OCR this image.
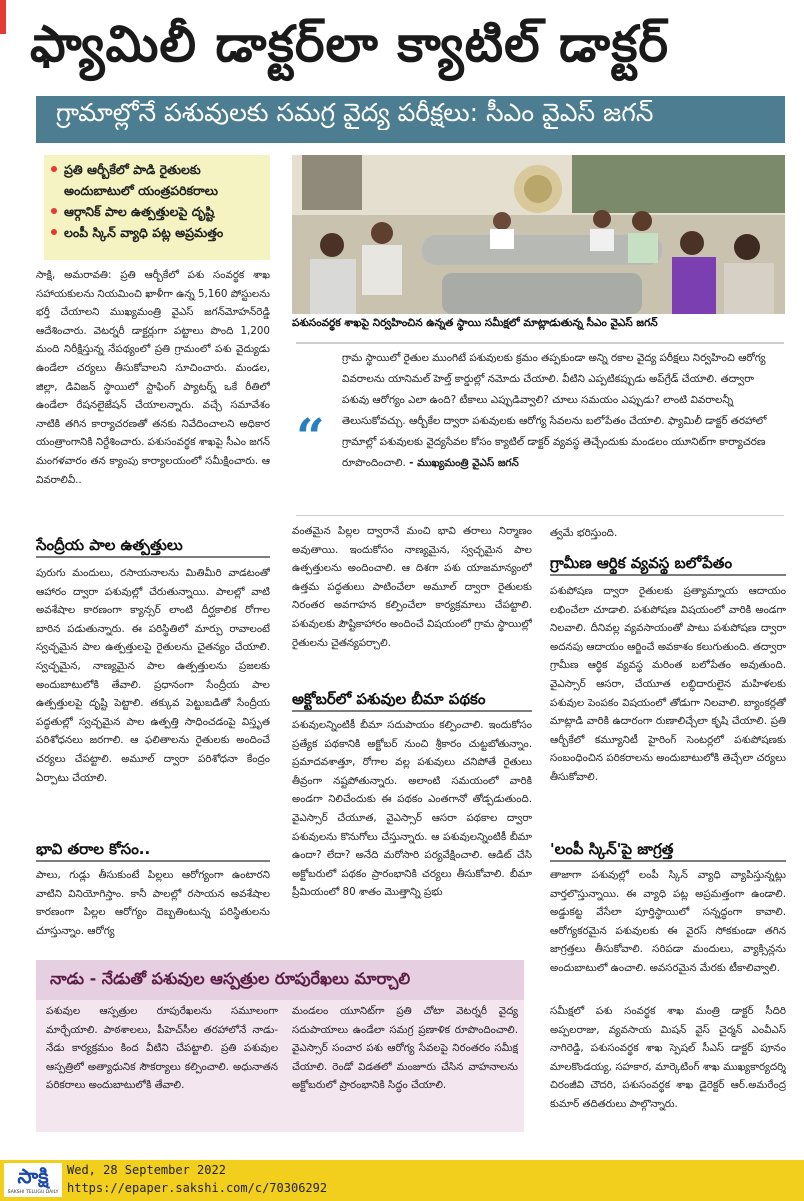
ఫ్యామిలీ డాక్టర్‌లా క్యాటిల్ డాక్టర్
గ్రామాల్లోనే పశువులకు సమగ్ర వైద్య పరీక్షలు: సీఎం వైఎస్ జగన్
ప్రతి ఆర్బీకేలో పాడి రైతులకు అందుబాటులో యంత్రపరికరాలు
ఆర్గానిక్ పాల ఉత్పత్తులపై దృష్టి
లంపీ స్కిన్ వ్యాధి పట్ల అప్రమత్తం
పశుసంవర్థక శాఖపై నిర్వహించిన ఉన్నత స్థాయి సమీక్షలో మాట్లాడుతున్న సీఎం వైఎస్ జగన్
సాక్షి, అమరావతి: ప్రతి ఆర్బీకేలో పశు సంవర్థక శాఖ సహాయకులను నియమించి ఖాళీగా ఉన్న 5,160 పోస్టులను భర్తీ చేయాలని ముఖ్యమంత్రి వైఎస్ జగన్‌మోహన్‌రెడ్డి ఆదేశించారు. వెటర్నరీ డాక్టర్లుగా పట్టాలు పొంది 1,200 మంది నిరీక్షిస్తున్న నేపథ్యంలో ప్రతి గ్రామంలో పశు వైద్యుడు ఉండేలా చర్యలు తీసుకోవాలని సూచించారు. మండల, జిల్లా, డివిజన్ స్థాయిలో స్టాఫింగ్ ప్యాటర్న్ ఒకే రీతిలో ఉండేలా రేషనలైజేషన్ చేయాలన్నారు. వచ్చే సమావేశం నాటికి తగిన కార్యాచరణతో తనకు నివేదించాలని అధికార యంత్రాంగానికి నిర్దేశించారు. పశుసంవర్థక శాఖపై సీఎం జగన్ మంగళవారం తన క్యాంపు కార్యాలయంలో సమీక్షించారు. ఆ వివరాలివీ..
“
గ్రామ స్థాయిలో రైతుల ముంగిటే పశువులకు క్రమం తప్పకుండా అన్ని రకాల వైద్య పరీక్షలు నిర్వహించి ఆరోగ్య వివరాలను యానిమల్ హెల్త్ కార్డుల్లో నమోదు చేయాలి. వీటిని ఎప్పటికప్పుడు అప్‌గ్రేడ్ చేయాలి. తద్వారా పశువు ఆరోగ్యం ఎలా ఉంది? టీకాలు ఎప్పుడివ్వాలి? చూలు సమయం ఎప్పుడు? లాంటి వివరాలన్నీ తెలుసుకోవచ్చు. ఆర్బీకేల ద్వారా పశువులకు ఆరోగ్య సేవలను బలోపేతం చేయాలి. ఫ్యామిలీ డాక్టర్ తరహాలో గ్రామాల్లో పశువులకు వైద్యసేవల కోసం క్యాటిల్ డాక్టర్ వ్యవస్థ తెచ్చేందుకు మండలం యూనిట్‌గా కార్యాచరణ రూపొందించాలి. - ముఖ్యమంత్రి వైఎస్ జగన్
సేంద్రీయ పాల ఉత్పత్తులు
పురుగు మందులు, రసాయనాలను మితిమీరి వాడటంతో ఆహారం ద్వారా పశువుల్లో చేరుతున్నాయి. పాలల్లో వాటి అవశేషాల కారణంగా క్యాన్సర్ లాంటి దీర్ఘకాలిక రోగాల బారిన పడుతున్నారు. ఈ పరిస్థితిలో మార్పు రావాలంటే స్వచ్ఛమైన పాల ఉత్పత్తులపై రైతులను చైతన్యం చేయాలి. స్వచ్ఛమైన, నాణ్యమైన పాల ఉత్పత్తులను ప్రజలకు అందుబాటులోకి తేవాలి. ప్రధానంగా సేంద్రీయ పాల ఉత్పత్తులపై దృష్టి పెట్టాలి. తక్కువ పెట్టుబడితో సేంద్రీయ పద్ధతుల్లో స్వచ్ఛమైన పాల ఉత్పత్తి సాధించడంపై విస్తృత పరిశోధనలు జరగాలి. ఆ ఫలితాలను రైతులకు అందించే చర్యలు చేపట్టాలి. అమూల్ ద్వారా పరిశోధనా కేంద్రం ఏర్పాటు చేయాలి.
భావి తరాల కోసం..
పాలు, గుడ్లు తీసుకుంటే పిల్లలు ఆరోగ్యంగా ఉంటారని వాటిని వినియోగిస్తాం. కానీ పాలల్లో రసాయన అవశేషాల కారణంగా పిల్లల ఆరోగ్యం దెబ్బతింటున్న పరిస్థితులను చూస్తున్నాం. ఆరోగ్య
వంతమైన పిల్లల ద్వారానే మంచి భావి తరాలు నిర్మాణం అవుతాయి. ఇందుకోసం నాణ్యమైన, స్వచ్ఛమైన పాల ఉత్పత్తులను అందించాలి. ఆ దిశగా పశు యాజమాన్యంలో ఉత్తమ పద్ధతులు పాటించేలా అమూల్ ద్వారా రైతులకు నిరంతర అవగాహన కల్పించేలా కార్యక్రమాలు చేపట్టాలి. పశువులకు పౌష్టికాహారం అందించే విషయంలో గ్రామ స్థాయిల్లో రైతులను చైతన్యపర్చాలి.
అక్టోబర్‌లో పశువుల బీమా పథకం
పశువులన్నింటికీ బీమా సదుపాయం కల్పించాలి. ఇందుకోసం ప్రత్యేక పథకానికి అక్టోబర్ నుంచి శ్రీకారం చుట్టబోతున్నాం. ప్రమాదవశాత్తూ, రోగాల వల్ల పశువులు చనిపోతే రైతులు తీవ్రంగా నష్టపోతున్నారు. అలాంటి సమయంలో వారికి అండగా నిలిచేందుకు ఈ పథకం ఎంతగానో తోడ్పడుతుంది. వైఎస్సార్ చేయూత, వైఎస్సార్ ఆసరా పథకాల ద్వారా పశువులను కొనుగోలు చేస్తున్నారు. ఆ పశువులన్నింటికీ బీమా ఉందా? లేదా? అనేది మరోసారి పర్యవేక్షించాలి. ఆడిట్ చేసి అక్టోబరులో పథకం ప్రారంభానికి చర్యలు తీసుకోవాలి. బీమా ప్రీమియంలో 80 శాతం మొత్తాన్ని ప్రభు
త్వమే భరిస్తుంది.
గ్రామీణ ఆర్థిక వ్యవస్థ బలోపేతం
పశుపోషణ ద్వారా రైతులకు ప్రత్యామ్నాయ ఆదాయం లభించేలా చూడాలి. పశుపోషణ విషయంలో వారికి అండగా నిలవాలి. దీనివల్ల వ్యవసాయంతో పాటు పశుపోషణ ద్వారా అదనపు ఆదాయం ఆర్జించే అవకాశం కలుగుతుంది. తద్వారా గ్రామీణ ఆర్థిక వ్యవస్థ మరింత బలోపేతం అవుతుంది. వైఎస్సార్ ఆసరా, చేయూత లబ్ధిదారులైన మహిళలకు పశువుల పెంపకం విషయంలో తోడుగా నిలవాలి. బ్యాంకర్లతో మాట్లాడి వారికి ఉదారంగా రుణాలిచ్చేలా కృషి చేయాలి. ప్రతి ఆర్బీకేలో కమ్యూనిటీ హైరింగ్ సెంటర్లలో పశుపోషణకు సంబంధించిన పరికరాలను అందుబాటులోకి తెచ్చేలా చర్యలు తీసుకోవాలి.
'లంపీ స్కిన్'పై జాగ్రత్త
తాజాగా పశువుల్లో లంపీ స్కిన్ వ్యాధి వ్యాపిస్తున్నట్లు వార్తలొస్తున్నాయి. ఈ వ్యాధి పట్ల అప్రమత్తంగా ఉండాలి. అడ్డుకట్ట వేసేలా పూర్తిస్థాయిలో సన్నద్ధంగా కావాలి. ఆరోగ్యకరమైన పశువులకు ఈ వైరస్ సోకకుండా తగిన జాగ్రత్తలు తీసుకోవాలి. సరిపడా మందులు, వ్యాక్సిన్లను అందుబాటులో ఉంచాలి. అవసరమైన మేరకు టీకాలివ్వాలి.
నాడు - నేడుతో పశువుల ఆస్పత్రుల రూపురేఖలు మార్చాలి
పశువుల ఆస్పత్రుల రూపురేఖలను సమూలంగా మార్చేయాలి. పాఠశాలలు, పీహెచ్‌సీల తరహాలోనే నాడు-నేడు కార్యక్రమం కింద వీటిని చేపట్టాలి. ప్రతి పశువుల ఆస్పత్రిలో అత్యాధునిక సౌకర్యాలు కల్పించాలి. అధునాతన పరికరాలు అందుబాటులోకి తేవాలి.
మండలం యూనిట్‌గా ప్రతి చోటా వెటర్నరీ వైద్య సదుపాయాలు ఉండేలా సమగ్ర ప్రణాళిక రూపొందించాలి. వైఎస్సార్ సంచార పశు ఆరోగ్య సేవలపై నిరంతరం సమీక్ష చేయాలి. రెండో విడతలో మంజూరు చేసిన వాహనాలను అక్టోబరులో ప్రారంభానికి సిద్ధం చేయాలి.
సమీక్షలో పశు సంవర్థక శాఖ మంత్రి డాక్టర్ సీదిరి అప్పలరాజు, వ్యవసాయ మిషన్ వైస్ చైర్మన్ ఎంవీఎస్ నాగిరెడ్డి, పశుసంవర్థక శాఖ స్పెషల్ సీఎస్ డాక్టర్ పూనం మాలకొండయ్య, సహకార, మార్కెటింగ్ శాఖ ముఖ్యకార్యదర్శి చిరంజీవి చౌదరి, పశుసంవర్థక శాఖ డైరెక్టర్ ఆర్.అమరేంద్ర కుమార్ తదితరులు పాల్గొన్నారు.
సాక్షి
SAKSHI TELUGU DAILY
Wed, 28 September 2022
https://epaper.sakshi.com/c/70306292
